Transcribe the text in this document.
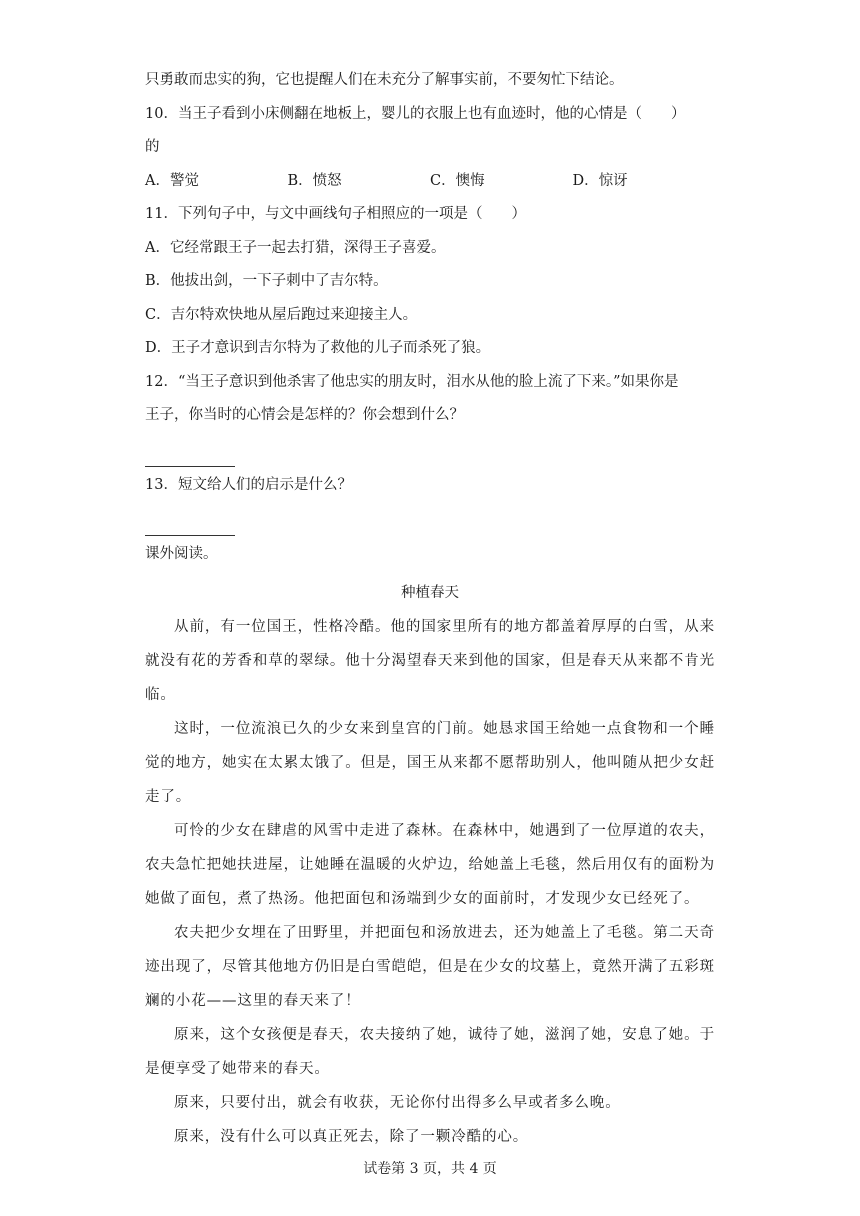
只勇敢而忠实的狗，它也提醒人们在未充分了解事实前，不要匆忙下结论。
10．当王子看到小床侧翻在地板上，婴儿的衣服上也有血迹时，他的心情是（　　）
的
A．警觉	B．愤怒	C．懊悔	D．惊讶
11．下列句子中，与文中画线句子相照应的一项是（　　）
A．它经常跟王子一起去打猎，深得王子喜爱。
B．他拔出剑，一下子刺中了吉尔特。
C．吉尔特欢快地从屋后跑过来迎接主人。
D．王子才意识到吉尔特为了救他的儿子而杀死了狼。
12．“当王子意识到他杀害了他忠实的朋友时，泪水从他的脸上流了下来。”如果你是
王子，你当时的心情会是怎样的？你会想到什么？
13．短文给人们的启示是什么？
课外阅读。
种植春天

从前，有一位国王，性格冷酷。他的国家里所有的地方都盖着厚厚的白雪，从来就没有花的芳香和草的翠绿。他十分渴望春天来到他的国家，但是春天从来都不肯光临。

这时，一位流浪已久的少女来到皇宫的门前。她恳求国王给她一点食物和一个睡觉的地方，她实在太累太饿了。但是，国王从来都不愿帮助别人，他叫随从把少女赶走了。

可怜的少女在肆虐的风雪中走进了森林。在森林中，她遇到了一位厚道的农夫，农夫急忙把她扶进屋，让她睡在温暖的火炉边，给她盖上毛毯，然后用仅有的面粉为她做了面包，煮了热汤。他把面包和汤端到少女的面前时，才发现少女已经死了。

农夫把少女埋在了田野里，并把面包和汤放进去，还为她盖上了毛毯。第二天奇迹出现了，尽管其他地方仍旧是白雪皑皑，但是在少女的坟墓上，竟然开满了五彩斑斓的小花——这里的春天来了！

原来，这个女孩便是春天，农夫接纳了她，诚待了她，滋润了她，安息了她。于是便享受了她带来的春天。

原来，只要付出，就会有收获，无论你付出得多么早或者多么晚。

原来，没有什么可以真正死去，除了一颗冷酷的心。

试卷第 3 页，共 4 页
